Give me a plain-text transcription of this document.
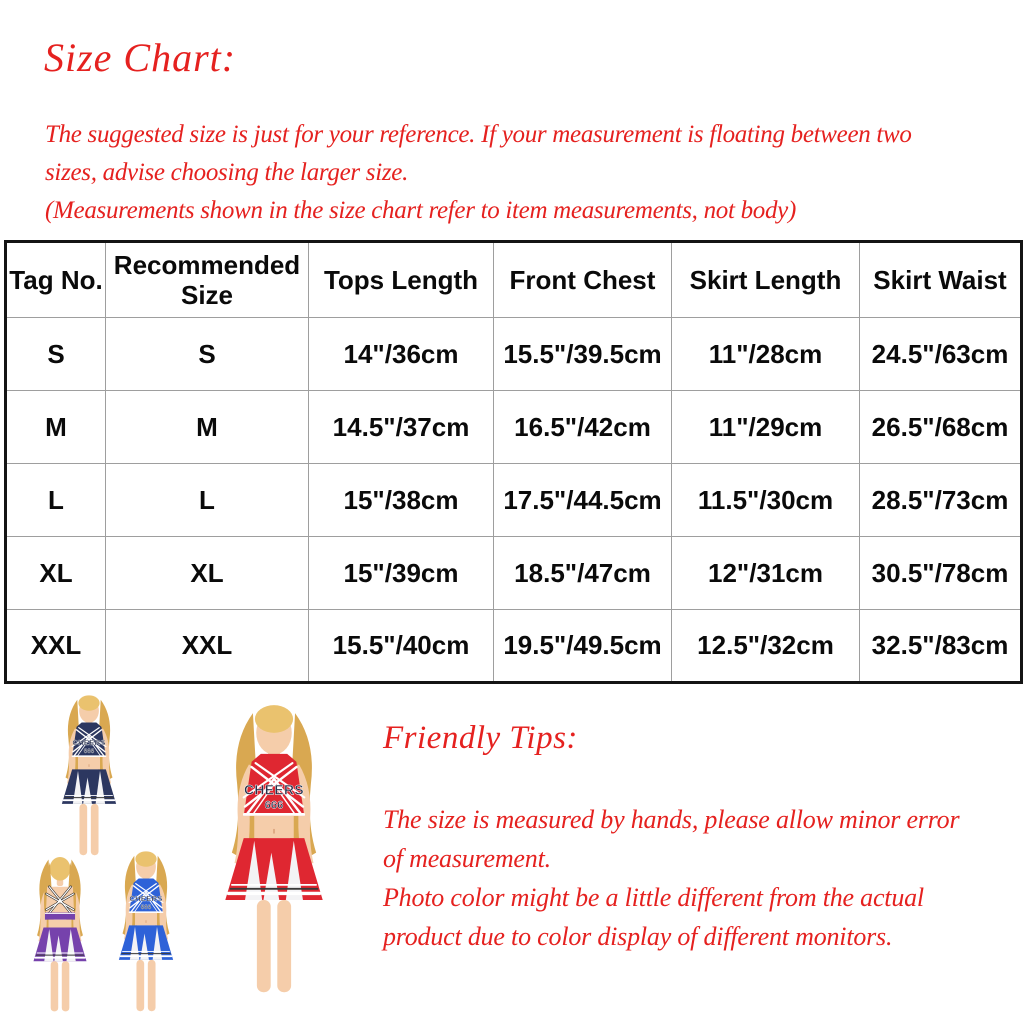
Size Chart:
The suggested size is just for your reference. If your measurement is floating between two
sizes, advise choosing the larger size.
(Measurements shown in the size chart refer to item measurements, not body)
Tag No.	Recommended Size	Tops Length	Front Chest	Skirt Length	Skirt Waist
S	S	14"/36cm	15.5"/39.5cm	11"/28cm	24.5"/63cm
M	M	14.5"/37cm	16.5"/42cm	11"/29cm	26.5"/68cm
L	L	15"/38cm	17.5"/44.5cm	11.5"/30cm	28.5"/73cm
XL	XL	15"/39cm	18.5"/47cm	12"/31cm	30.5"/78cm
XXL	XXL	15.5"/40cm	19.5"/49.5cm	12.5"/32cm	32.5"/83cm
CHEERS
666
CHEERS
666
CHEERS
666
Friendly Tips:
The size is measured by hands, please allow minor error
of measurement.
Photo color might be a little different from the actual
product due to color display of different monitors.
